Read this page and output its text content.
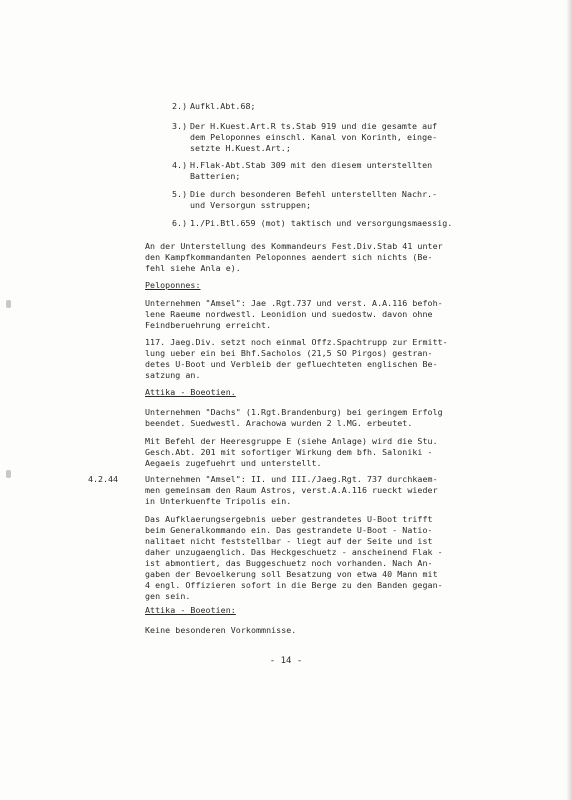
2.) Aufkl.Abt.68;
3.) Der H.Kuest.Art.R ts.Stab 919 und die gesamte auf
dem Peloponnes einschl. Kanal von Korinth, einge-
setzte H.Kuest.Art.;
4.) H.Flak-Abt.Stab 309 mit den diesem unterstellten
Batterien;
5.) Die durch besonderen Befehl unterstellten Nachr.-
und Versorgun sstruppen;
6.) 1./Pi.Btl.659 (mot) taktisch und versorgungsmaessig.
An der Unterstellung des Kommandeurs Fest.Div.Stab 41 unter
den Kampfkommandanten Peloponnes aendert sich nichts (Be-
fehl siehe Anla e).
Peloponnes:
Unternehmen "Amsel": Jae .Rgt.737 und verst. A.A.116 befoh-
lene Raeume nordwestl. Leonidion und suedostw. davon ohne
Feindberuehrung erreicht.
117. Jaeg.Div. setzt noch einmal Offz.Spachtrupp zur Ermitt-
lung ueber ein bei Bhf.Sacholos (21,5 SO Pirgos) gestran-
detes U-Boot und Verbleib der gefluechteten englischen Be-
satzung an.
Attika - Boeotien.
Unternehmen "Dachs" (1.Rgt.Brandenburg) bei geringem Erfolg
beendet. Suedwestl. Arachowa wurden 2 l.MG. erbeutet.
Mit Befehl der Heeresgruppe E (siehe Anlage) wird die Stu.
Gesch.Abt. 201 mit sofortiger Wirkung dem bfh. Saloniki -
Aegaeis zugefuehrt und unterstellt.
4.2.44	Unternehmen "Amsel": II. und III./Jaeg.Rgt. 737 durchkaem-
men gemeinsam den Raum Astros, verst.A.A.116 rueckt wieder
in Unterkuenfte Tripolis ein.
Das Aufklaerungsergebnis ueber gestrandetes U-Boot trifft
beim Generalkommando ein. Das gestrandete U-Boot - Natio-
nalitaet nicht feststellbar - liegt auf der Seite und ist
daher unzugaenglich. Das Heckgeschuetz - anscheinend Flak -
ist abmontiert, das Buggeschuetz noch vorhanden. Nach An-
gaben der Bevoelkerung soll Besatzung von etwa 40 Mann mit
4 engl. Offizieren sofort in die Berge zu den Banden gegan-
gen sein.
Attika - Boeotien:
Keine besonderen Vorkommnisse.
- 14 -
